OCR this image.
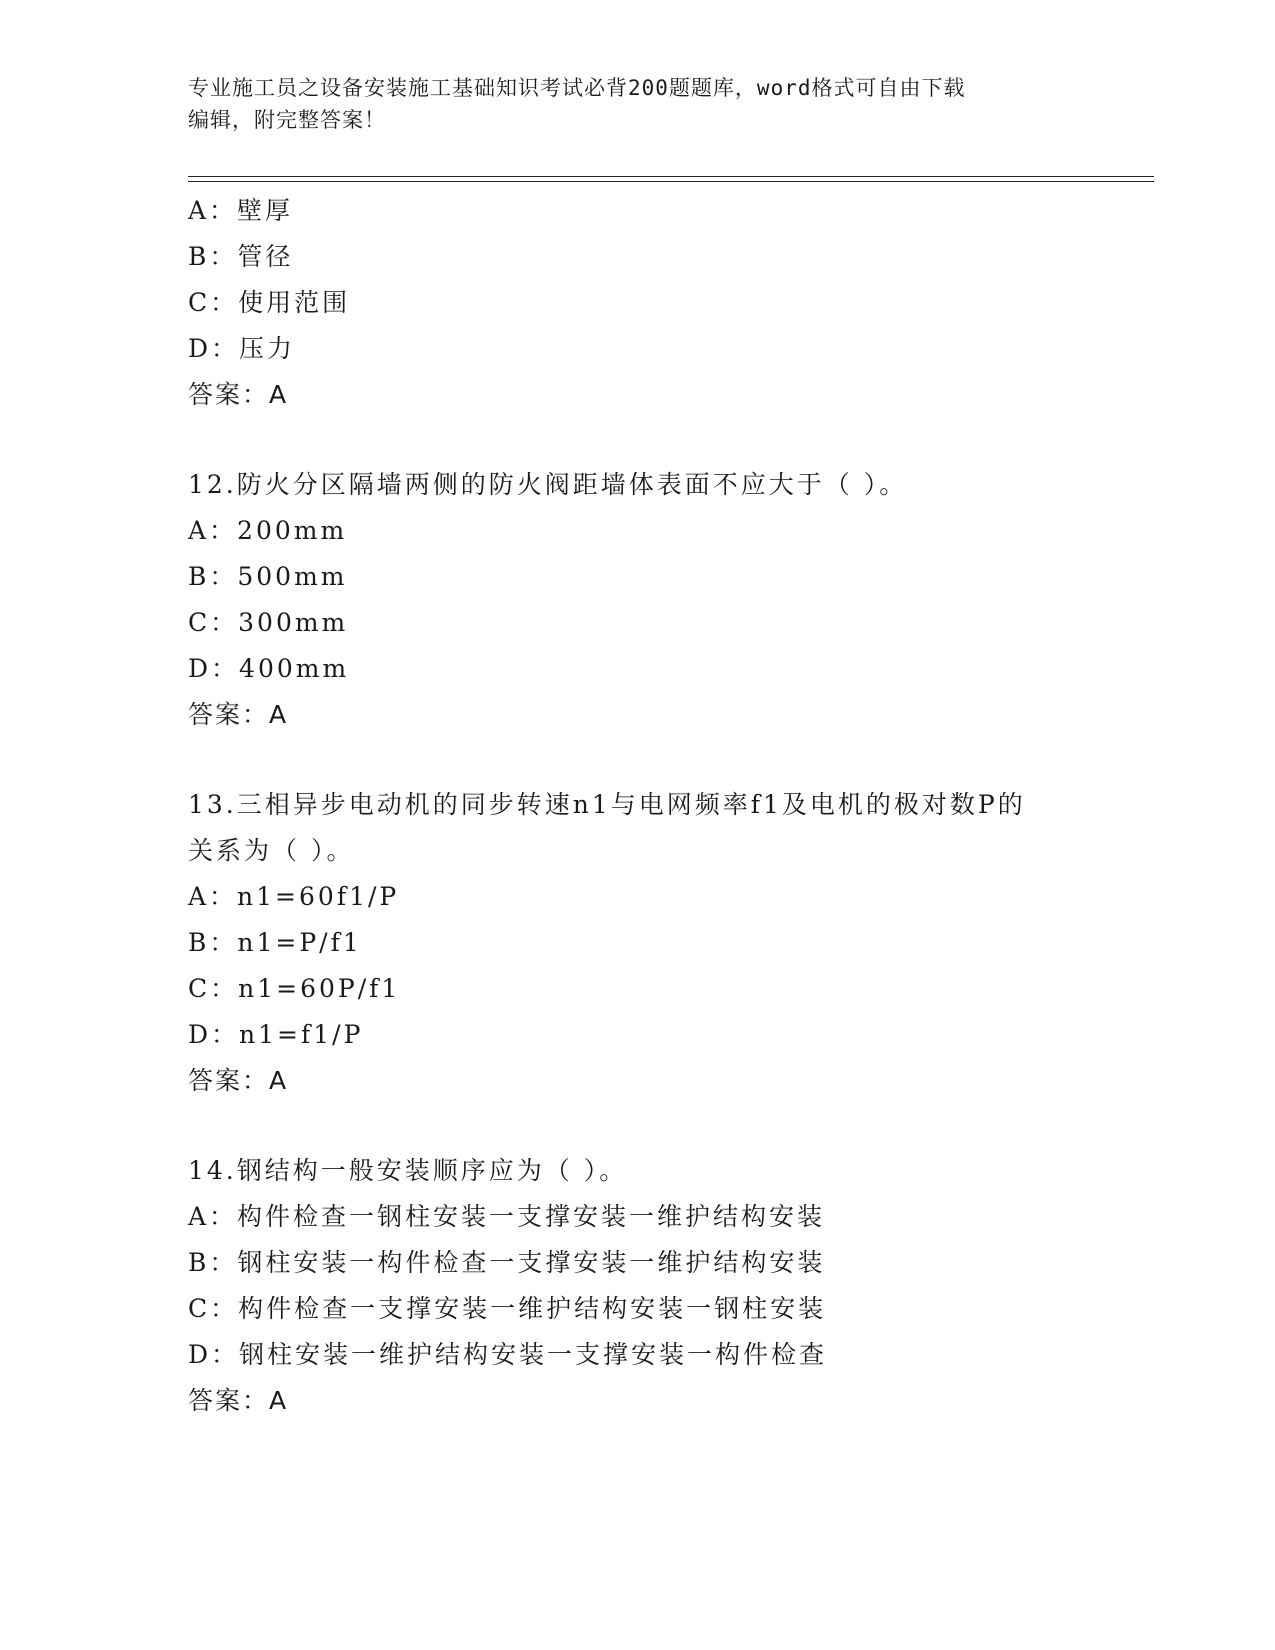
专业施工员之设备安装施工基础知识考试必背200题题库，word格式可自由下载
编辑，附完整答案！
A：壁厚
B：管径
C：使用范围
D：压力
答案：A
12.防火分区隔墙两侧的防火阀距墙体表面不应大于（ ）。
A：200mm
B：500mm
C：300mm
D：400mm
答案：A
13.三相异步电动机的同步转速n1与电网频率f1及电机的极对数P的
关系为（ ）。
A：n1=60f1/P
B：n1=P/f1
C：n1=60P/f1
D：n1=f1/P
答案：A
14.钢结构一般安装顺序应为（ ）。
A：构件检查一钢柱安装一支撑安装一维护结构安装
B：钢柱安装一构件检查一支撑安装一维护结构安装
C：构件检查一支撑安装一维护结构安装一钢柱安装
D：钢柱安装一维护结构安装一支撑安装一构件检查
答案：A
